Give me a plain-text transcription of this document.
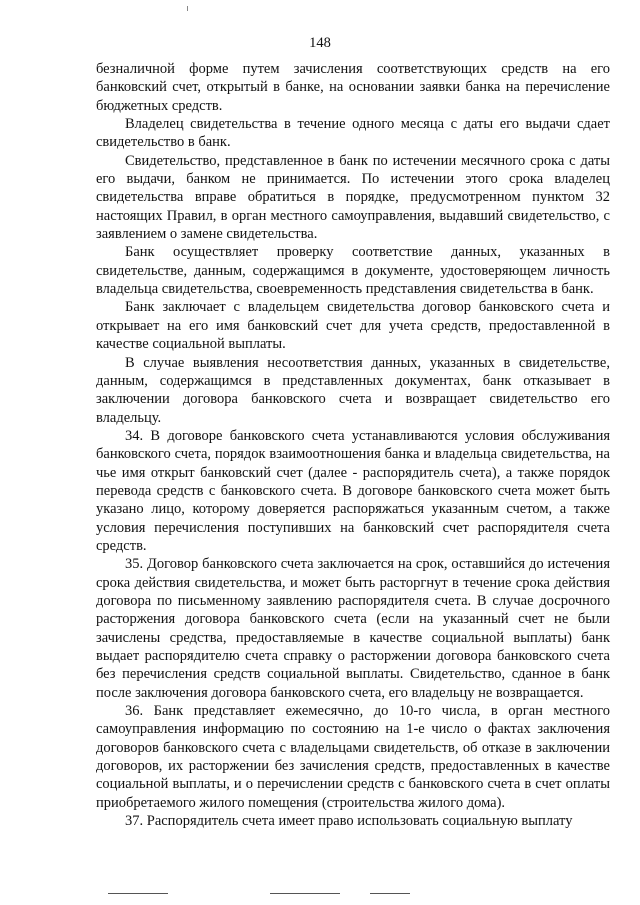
148

безналичной форме путем зачисления соответствующих средств на его банковский счет, открытый в банке, на основании заявки банка на перечисление бюджетных средств.

Владелец свидетельства в течение одного месяца с даты его выдачи сдает свидетельство в банк.

Свидетельство, представленное в банк по истечении месячного срока с даты его выдачи, банком не принимается. По истечении этого срока владелец свидетельства вправе обратиться в порядке, предусмотренном пунктом 32 настоящих Правил, в орган местного самоуправления, выдавший свидетельство, с заявлением о замене свидетельства.

Банк осуществляет проверку соответствие данных, указанных в свидетельстве, данным, содержащимся в документе, удостоверяющем личность владельца свидетельства, своевременность представления свидетельства в банк.

Банк заключает с владельцем свидетельства договор банковского счета и открывает на его имя банковский счет для учета средств, предоставленной в качестве социальной выплаты.

В случае выявления несоответствия данных, указанных в свидетельстве, данным, содержащимся в представленных документах, банк отказывает в заключении договора банковского счета и возвращает свидетельство его владельцу.

34. В договоре банковского счета устанавливаются условия обслуживания банковского счета, порядок взаимоотношения банка и владельца свидетельства, на чье имя открыт банковский счет (далее - распорядитель счета), а также порядок перевода средств с банковского счета. В договоре банковского счета может быть указано лицо, которому доверяется распоряжаться указанным счетом, а также условия перечисления поступивших на банковский счет распорядителя счета средств.

35. Договор банковского счета заключается на срок, оставшийся до истечения срока действия свидетельства, и может быть расторгнут в течение срока действия договора по письменному заявлению распорядителя счета. В случае досрочного расторжения договора банковского счета (если на указанный счет не были зачислены средства, предоставляемые в качестве социальной выплаты) банк выдает распорядителю счета справку о расторжении договора банковского счета без перечисления средств социальной выплаты. Свидетельство, сданное в банк после заключения договора банковского счета, его владельцу не возвращается.

36. Банк представляет ежемесячно, до 10-го числа, в орган местного самоуправления информацию по состоянию на 1-е число о фактах заключения договоров банковского счета с владельцами свидетельств, об отказе в заключении договоров, их расторжении без зачисления средств, предоставленных в качестве социальной выплаты, и о перечислении средств с банковского счета в счет оплаты приобретаемого жилого помещения (строительства жилого дома).

37. Распорядитель счета имеет право использовать социальную выплату
